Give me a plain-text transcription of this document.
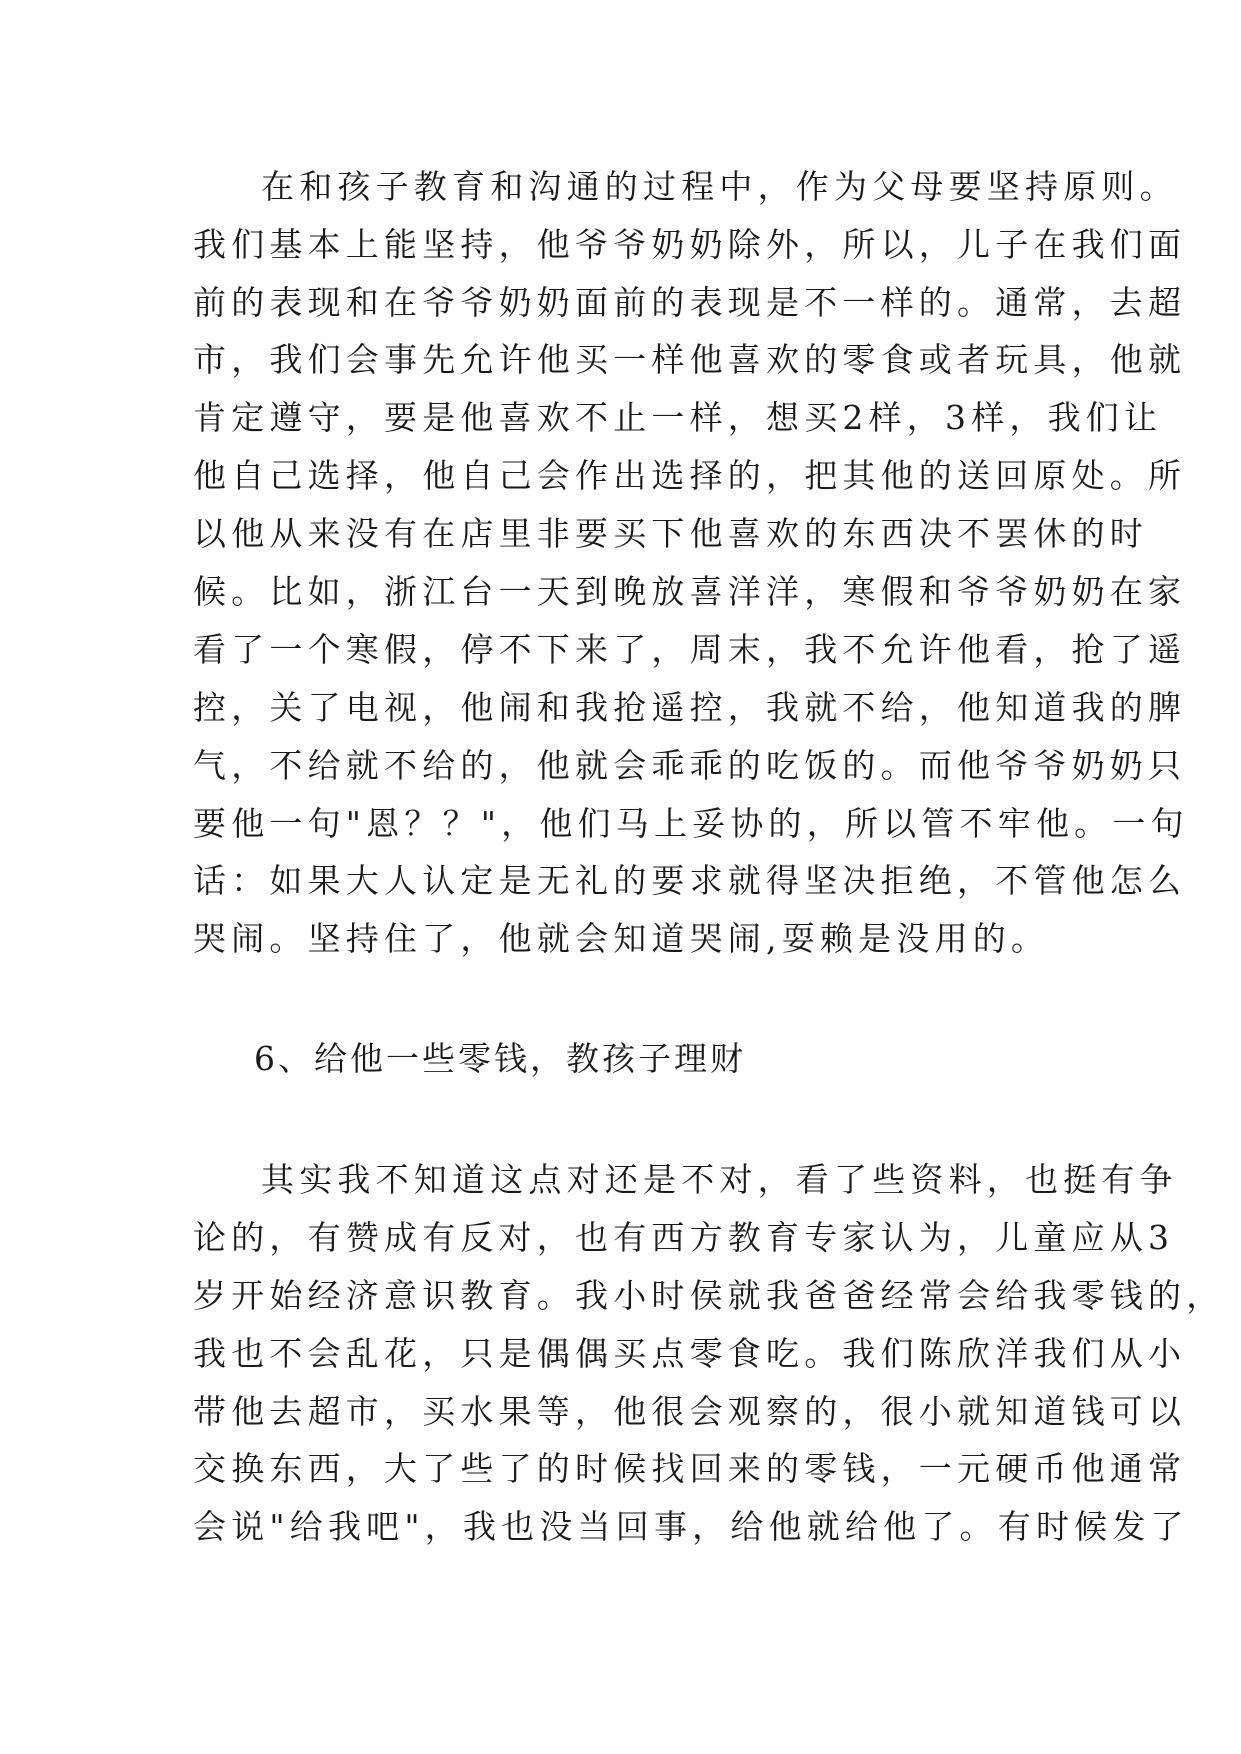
在和孩子教育和沟通的过程中，作为父母要坚持原则。
我们基本上能坚持，他爷爷奶奶除外，所以，儿子在我们面
前的表现和在爷爷奶奶面前的表现是不一样的。通常，去超
市，我们会事先允许他买一样他喜欢的零食或者玩具，他就
肯定遵守，要是他喜欢不止一样，想买2样，3样，我们让
他自己选择，他自己会作出选择的，把其他的送回原处。所
以他从来没有在店里非要买下他喜欢的东西决不罢休的时
候。比如，浙江台一天到晚放喜洋洋，寒假和爷爷奶奶在家
看了一个寒假，停不下来了，周末，我不允许他看，抢了遥
控，关了电视，他闹和我抢遥控，我就不给，他知道我的脾
气，不给就不给的，他就会乖乖的吃饭的。而他爷爷奶奶只
要他一句"恩？？"，他们马上妥协的，所以管不牢他。一句
话：如果大人认定是无礼的要求就得坚决拒绝，不管他怎么
哭闹。坚持住了，他就会知道哭闹,耍赖是没用的。
6、给他一些零钱，教孩子理财
其实我不知道这点对还是不对，看了些资料，也挺有争
论的，有赞成有反对，也有西方教育专家认为，儿童应从3
岁开始经济意识教育。我小时侯就我爸爸经常会给我零钱的，
我也不会乱花，只是偶偶买点零食吃。我们陈欣洋我们从小
带他去超市，买水果等，他很会观察的，很小就知道钱可以
交换东西，大了些了的时候找回来的零钱，一元硬币他通常
会说"给我吧"，我也没当回事，给他就给他了。有时候发了
